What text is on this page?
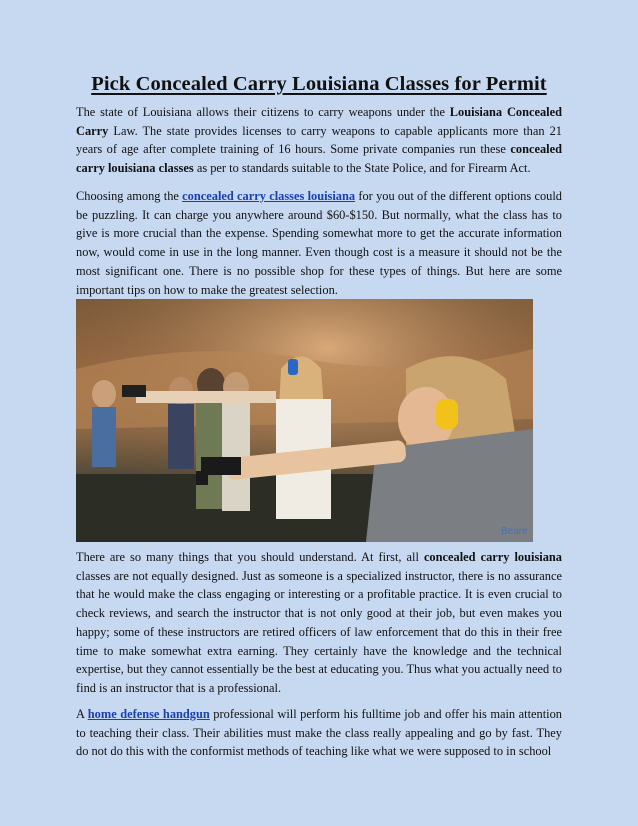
Pick Concealed Carry Louisiana Classes for Permit

The state of Louisiana allows their citizens to carry weapons under the Louisiana Concealed Carry Law. The state provides licenses to carry weapons to capable applicants more than 21 years of age after complete training of 16 hours. Some private companies run these concealed carry louisiana classes as per to standards suitable to the State Police, and for Firearm Act.

Choosing among the concealed carry classes louisiana for you out of the different options could be puzzling. It can charge you anywhere around $60-$150. But normally, what the class has to give is more crucial than the expense. Spending somewhat more to get the accurate information now, would come in use in the long manner. Even though cost is a measure it should not be the most significant one. There is no possible shop for these types of things. But here are some important tips on how to make the greatest selection.

Beare

There are so many things that you should understand. At first, all concealed carry louisiana classes are not equally designed. Just as someone is a specialized instructor, there is no assurance that he would make the class engaging or interesting or a profitable practice. It is even crucial to check reviews, and search the instructor that is not only good at their job, but even makes you happy; some of these instructors are retired officers of law enforcement that do this in their free time to make somewhat extra earning. They certainly have the knowledge and the technical expertise, but they cannot essentially be the best at educating you. Thus what you actually need to find is an instructor that is a professional.

A home defense handgun professional will perform his fulltime job and offer his main attention to teaching their class. Their abilities must make the class really appealing and go by fast. They do not do this with the conformist methods of teaching like what we were supposed to in school
